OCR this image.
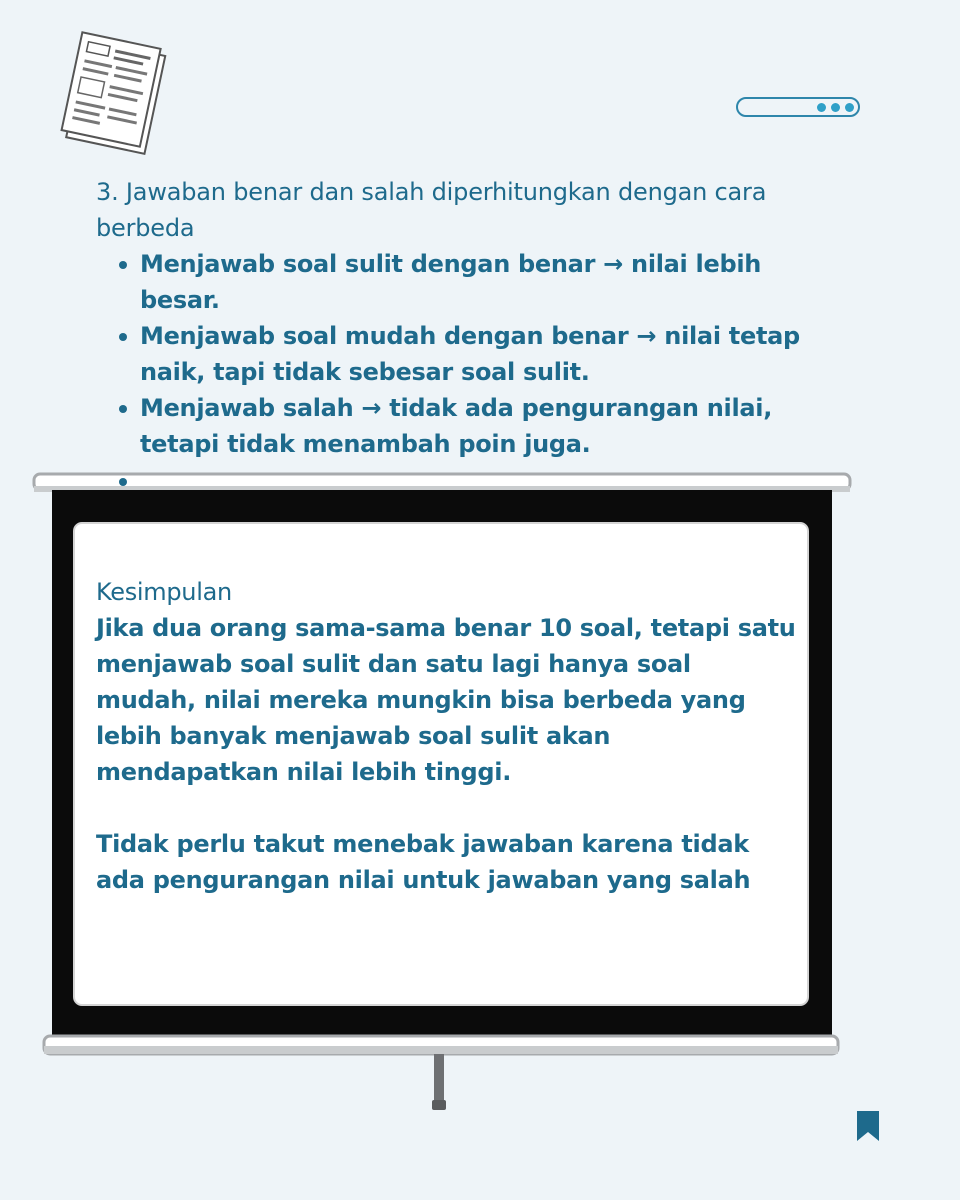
3. Jawaban benar dan salah diperhitungkan dengan cara berbeda
Menjawab soal sulit dengan benar → nilai lebih besar.
Menjawab soal mudah dengan benar → nilai tetap naik, tapi tidak sebesar soal sulit.
Menjawab salah → tidak ada pengurangan nilai, tetapi tidak menambah poin juga.
Kesimpulan
Jika dua orang sama-sama benar 10 soal, tetapi satu menjawab soal sulit dan satu lagi hanya soal mudah, nilai mereka mungkin bisa berbeda yang lebih banyak menjawab soal sulit akan mendapatkan nilai lebih tinggi.
Tidak perlu takut menebak jawaban karena tidak ada pengurangan nilai untuk jawaban yang salah
